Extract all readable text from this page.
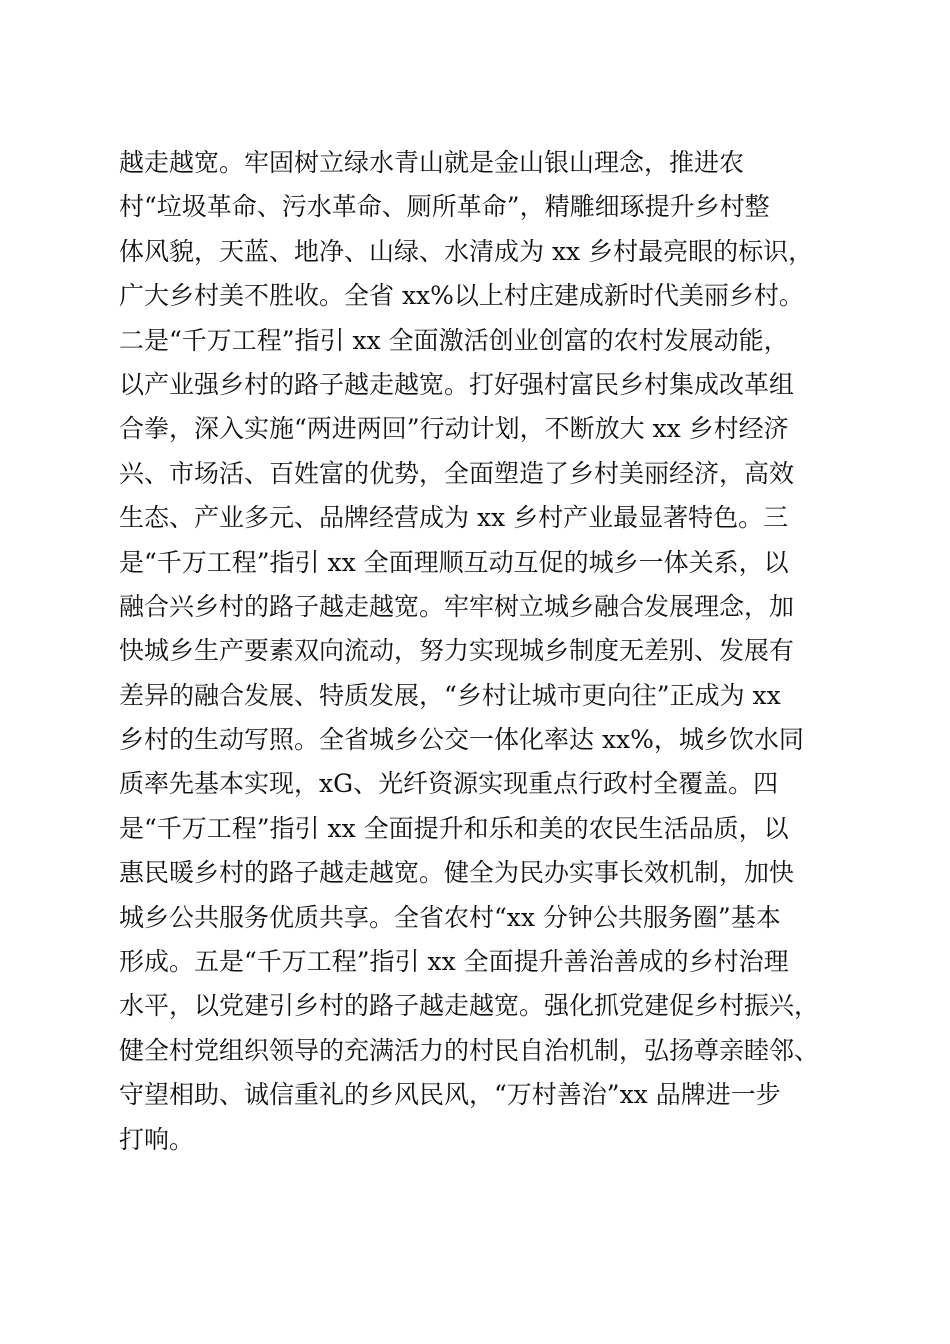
越走越宽。牢固树立绿水青山就是金山银山理念，推进农
村“垃圾革命、污水革命、厕所革命”，精雕细琢提升乡村整
体风貌，天蓝、地净、山绿、水清成为 xx 乡村最亮眼的标识，
广大乡村美不胜收。全省 xx%以上村庄建成新时代美丽乡村。
二是“千万工程”指引 xx 全面激活创业创富的农村发展动能，
以产业强乡村的路子越走越宽。打好强村富民乡村集成改革组
合拳，深入实施“两进两回”行动计划，不断放大 xx 乡村经济
兴、市场活、百姓富的优势，全面塑造了乡村美丽经济，高效
生态、产业多元、品牌经营成为 xx 乡村产业最显著特色。三
是“千万工程”指引 xx 全面理顺互动互促的城乡一体关系，以
融合兴乡村的路子越走越宽。牢牢树立城乡融合发展理念，加
快城乡生产要素双向流动，努力实现城乡制度无差别、发展有
差异的融合发展、特质发展，“乡村让城市更向往”正成为 xx
乡村的生动写照。全省城乡公交一体化率达 xx%，城乡饮水同
质率先基本实现，xG、光纤资源实现重点行政村全覆盖。四
是“千万工程”指引 xx 全面提升和乐和美的农民生活品质，以
惠民暖乡村的路子越走越宽。健全为民办实事长效机制，加快
城乡公共服务优质共享。全省农村“xx 分钟公共服务圈”基本
形成。五是“千万工程”指引 xx 全面提升善治善成的乡村治理
水平，以党建引乡村的路子越走越宽。强化抓党建促乡村振兴，
健全村党组织领导的充满活力的村民自治机制，弘扬尊亲睦邻、
守望相助、诚信重礼的乡风民风，“万村善治”xx 品牌进一步
打响。
